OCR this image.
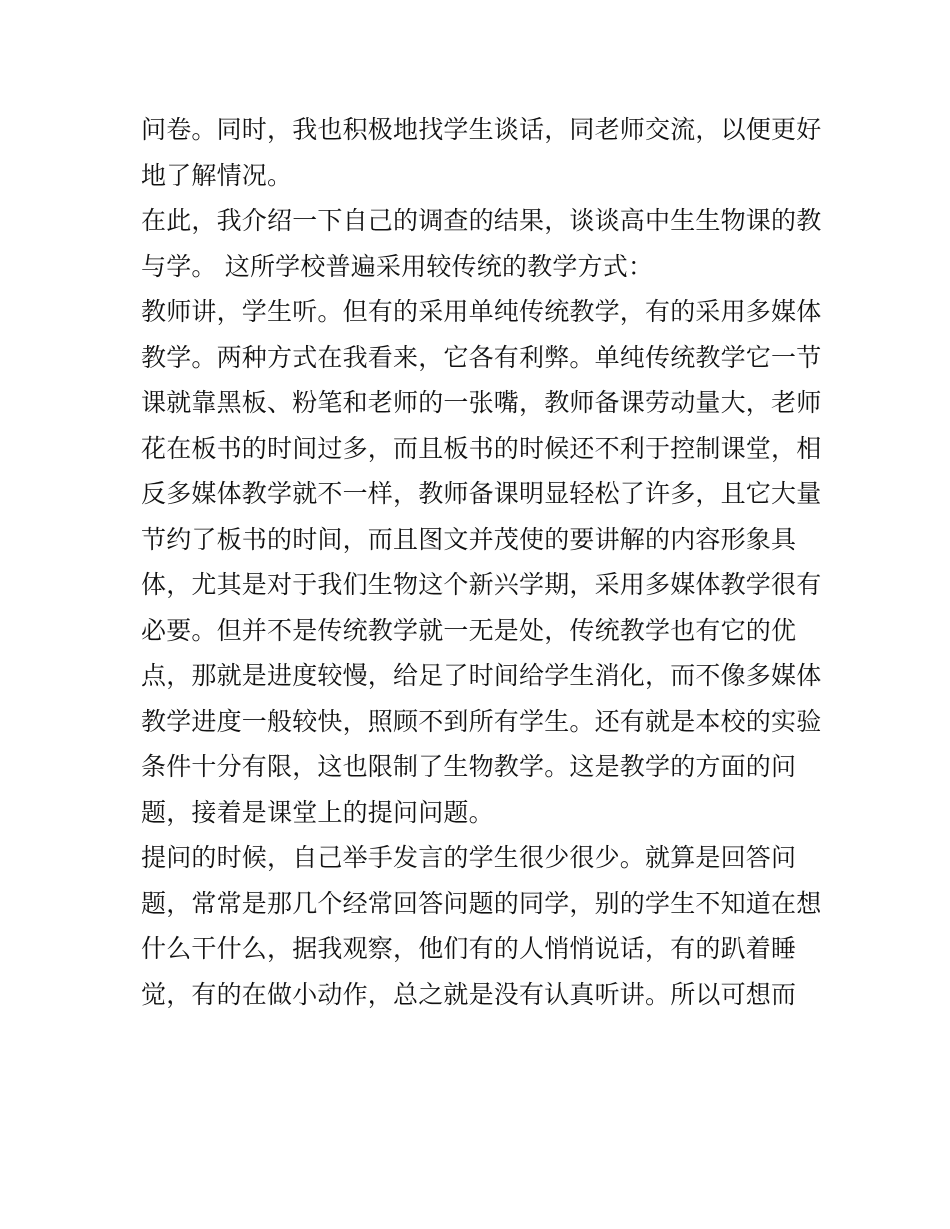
问卷。同时，我也积极地找学生谈话，同老师交流，以便更好
地了解情况。
在此，我介绍一下自己的调查的结果，谈谈高中生生物课的教
与学。 这所学校普遍采用较传统的教学方式：
教师讲，学生听。但有的采用单纯传统教学，有的采用多媒体
教学。两种方式在我看来，它各有利弊。单纯传统教学它一节
课就靠黑板、粉笔和老师的一张嘴，教师备课劳动量大，老师
花在板书的时间过多，而且板书的时候还不利于控制课堂，相
反多媒体教学就不一样，教师备课明显轻松了许多，且它大量
节约了板书的时间，而且图文并茂使的要讲解的内容形象具
体，尤其是对于我们生物这个新兴学期，采用多媒体教学很有
必要。但并不是传统教学就一无是处，传统教学也有它的优
点，那就是进度较慢，给足了时间给学生消化，而不像多媒体
教学进度一般较快，照顾不到所有学生。还有就是本校的实验
条件十分有限，这也限制了生物教学。这是教学的方面的问
题，接着是课堂上的提问问题。
提问的时候，自己举手发言的学生很少很少。就算是回答问
题，常常是那几个经常回答问题的同学，别的学生不知道在想
什么干什么，据我观察，他们有的人悄悄说话，有的趴着睡
觉，有的在做小动作，总之就是没有认真听讲。所以可想而
